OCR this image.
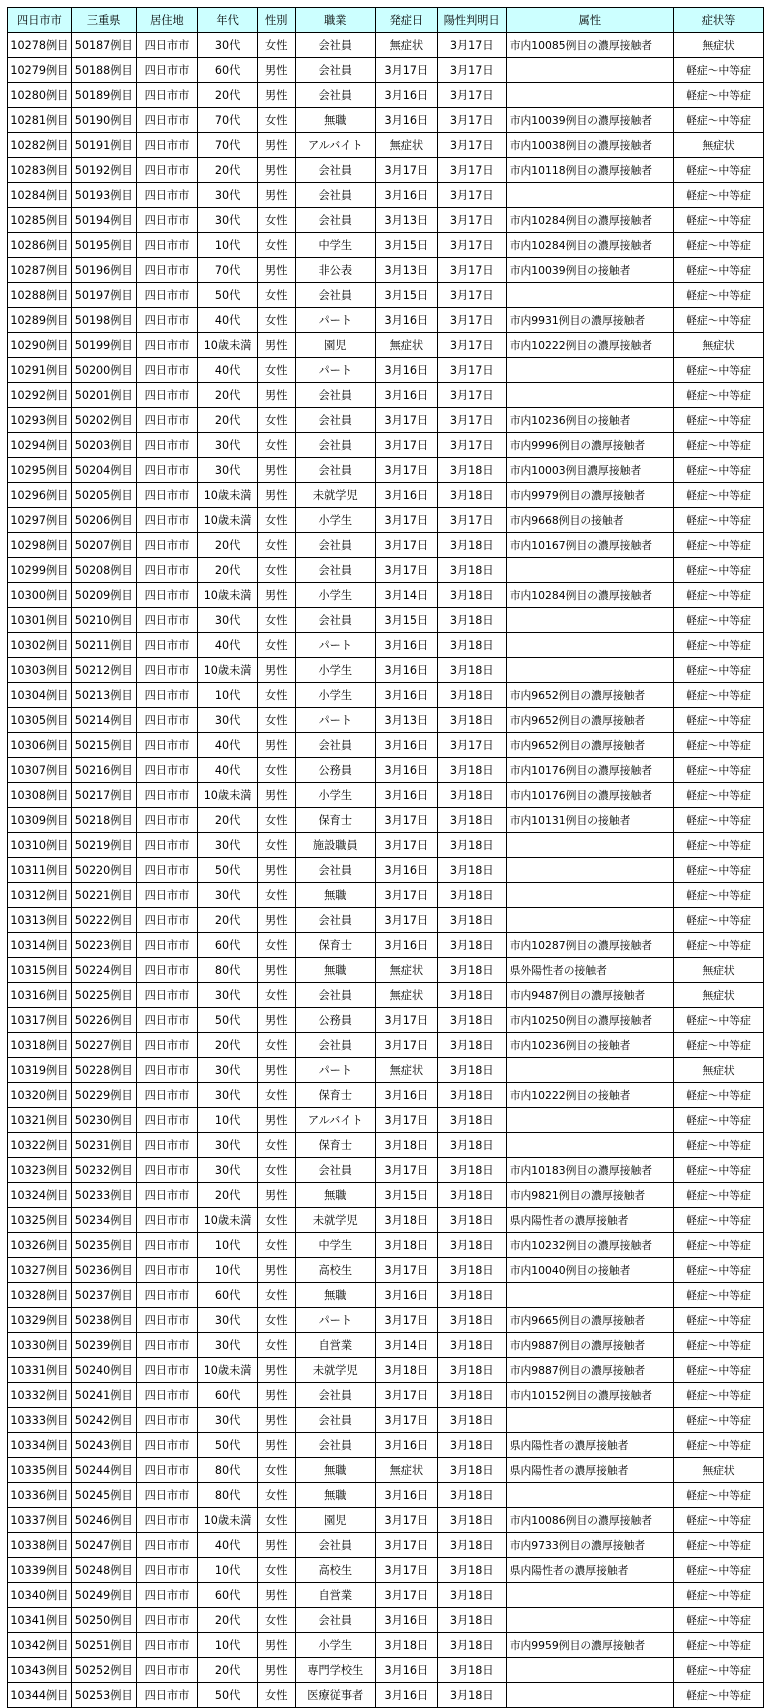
四日市市	三重県	居住地	年代	性別	職業	発症日	陽性判明日	属性	症状等
10278例目	50187例目	四日市市	30代	女性	会社員	無症状	3月17日	市内10085例目の濃厚接触者	無症状
10279例目	50188例目	四日市市	60代	男性	会社員	3月17日	3月17日		軽症～中等症
10280例目	50189例目	四日市市	20代	男性	会社員	3月16日	3月17日		軽症～中等症
10281例目	50190例目	四日市市	70代	女性	無職	3月16日	3月17日	市内10039例目の濃厚接触者	軽症～中等症
10282例目	50191例目	四日市市	70代	男性	アルバイト	無症状	3月17日	市内10038例目の濃厚接触者	無症状
10283例目	50192例目	四日市市	20代	男性	会社員	3月17日	3月17日	市内10118例目の濃厚接触者	軽症～中等症
10284例目	50193例目	四日市市	30代	男性	会社員	3月16日	3月17日		軽症～中等症
10285例目	50194例目	四日市市	30代	女性	会社員	3月13日	3月17日	市内10284例目の濃厚接触者	軽症～中等症
10286例目	50195例目	四日市市	10代	女性	中学生	3月15日	3月17日	市内10284例目の濃厚接触者	軽症～中等症
10287例目	50196例目	四日市市	70代	男性	非公表	3月13日	3月17日	市内10039例目の接触者	軽症～中等症
10288例目	50197例目	四日市市	50代	女性	会社員	3月15日	3月17日		軽症～中等症
10289例目	50198例目	四日市市	40代	女性	パート	3月16日	3月17日	市内9931例目の濃厚接触者	軽症～中等症
10290例目	50199例目	四日市市	10歳未満	男性	園児	無症状	3月17日	市内10222例目の濃厚接触者	無症状
10291例目	50200例目	四日市市	40代	女性	パート	3月16日	3月17日		軽症～中等症
10292例目	50201例目	四日市市	20代	男性	会社員	3月16日	3月17日		軽症～中等症
10293例目	50202例目	四日市市	20代	女性	会社員	3月17日	3月17日	市内10236例目の接触者	軽症～中等症
10294例目	50203例目	四日市市	30代	女性	会社員	3月17日	3月17日	市内9996例目の濃厚接触者	軽症～中等症
10295例目	50204例目	四日市市	30代	男性	会社員	3月17日	3月18日	市内10003例目濃厚接触者	軽症～中等症
10296例目	50205例目	四日市市	10歳未満	男性	未就学児	3月16日	3月18日	市内9979例目の濃厚接触者	軽症～中等症
10297例目	50206例目	四日市市	10歳未満	女性	小学生	3月17日	3月17日	市内9668例目の接触者	軽症～中等症
10298例目	50207例目	四日市市	20代	女性	会社員	3月17日	3月18日	市内10167例目の濃厚接触者	軽症～中等症
10299例目	50208例目	四日市市	20代	女性	会社員	3月17日	3月18日		軽症～中等症
10300例目	50209例目	四日市市	10歳未満	男性	小学生	3月14日	3月18日	市内10284例目の濃厚接触者	軽症～中等症
10301例目	50210例目	四日市市	30代	女性	会社員	3月15日	3月18日		軽症～中等症
10302例目	50211例目	四日市市	40代	女性	パート	3月16日	3月18日		軽症～中等症
10303例目	50212例目	四日市市	10歳未満	男性	小学生	3月16日	3月18日		軽症～中等症
10304例目	50213例目	四日市市	10代	女性	小学生	3月16日	3月18日	市内9652例目の濃厚接触者	軽症～中等症
10305例目	50214例目	四日市市	30代	女性	パート	3月13日	3月18日	市内9652例目の濃厚接触者	軽症～中等症
10306例目	50215例目	四日市市	40代	男性	会社員	3月16日	3月17日	市内9652例目の濃厚接触者	軽症～中等症
10307例目	50216例目	四日市市	40代	女性	公務員	3月16日	3月18日	市内10176例目の濃厚接触者	軽症～中等症
10308例目	50217例目	四日市市	10歳未満	男性	小学生	3月16日	3月18日	市内10176例目の濃厚接触者	軽症～中等症
10309例目	50218例目	四日市市	20代	女性	保育士	3月17日	3月18日	市内10131例目の接触者	軽症～中等症
10310例目	50219例目	四日市市	30代	女性	施設職員	3月17日	3月18日		軽症～中等症
10311例目	50220例目	四日市市	50代	男性	会社員	3月16日	3月18日		軽症～中等症
10312例目	50221例目	四日市市	30代	女性	無職	3月17日	3月18日		軽症～中等症
10313例目	50222例目	四日市市	20代	男性	会社員	3月17日	3月18日		軽症～中等症
10314例目	50223例目	四日市市	60代	女性	保育士	3月16日	3月18日	市内10287例目の濃厚接触者	軽症～中等症
10315例目	50224例目	四日市市	80代	男性	無職	無症状	3月18日	県外陽性者の接触者	無症状
10316例目	50225例目	四日市市	30代	女性	会社員	無症状	3月18日	市内9487例目の濃厚接触者	無症状
10317例目	50226例目	四日市市	50代	男性	公務員	3月17日	3月18日	市内10250例目の濃厚接触者	軽症～中等症
10318例目	50227例目	四日市市	20代	女性	会社員	3月17日	3月18日	市内10236例目の接触者	軽症～中等症
10319例目	50228例目	四日市市	30代	男性	パート	無症状	3月18日		無症状
10320例目	50229例目	四日市市	30代	女性	保育士	3月16日	3月18日	市内10222例目の接触者	軽症～中等症
10321例目	50230例目	四日市市	10代	男性	アルバイト	3月17日	3月18日		軽症～中等症
10322例目	50231例目	四日市市	30代	女性	保育士	3月18日	3月18日		軽症～中等症
10323例目	50232例目	四日市市	30代	女性	会社員	3月17日	3月18日	市内10183例目の濃厚接触者	軽症～中等症
10324例目	50233例目	四日市市	20代	男性	無職	3月15日	3月18日	市内9821例目の濃厚接触者	軽症～中等症
10325例目	50234例目	四日市市	10歳未満	女性	未就学児	3月18日	3月18日	県内陽性者の濃厚接触者	軽症～中等症
10326例目	50235例目	四日市市	10代	女性	中学生	3月18日	3月18日	市内10232例目の濃厚接触者	軽症～中等症
10327例目	50236例目	四日市市	10代	男性	高校生	3月17日	3月18日	市内10040例目の接触者	軽症～中等症
10328例目	50237例目	四日市市	60代	女性	無職	3月16日	3月18日		軽症～中等症
10329例目	50238例目	四日市市	30代	女性	パート	3月17日	3月18日	市内9665例目の濃厚接触者	軽症～中等症
10330例目	50239例目	四日市市	30代	女性	自営業	3月14日	3月18日	市内9887例目の濃厚接触者	軽症～中等症
10331例目	50240例目	四日市市	10歳未満	男性	未就学児	3月18日	3月18日	市内9887例目の濃厚接触者	軽症～中等症
10332例目	50241例目	四日市市	60代	男性	会社員	3月17日	3月18日	市内10152例目の濃厚接触者	軽症～中等症
10333例目	50242例目	四日市市	30代	男性	会社員	3月17日	3月18日		軽症～中等症
10334例目	50243例目	四日市市	50代	男性	会社員	3月16日	3月18日	県内陽性者の濃厚接触者	軽症～中等症
10335例目	50244例目	四日市市	80代	女性	無職	無症状	3月18日	県内陽性者の濃厚接触者	無症状
10336例目	50245例目	四日市市	80代	女性	無職	3月16日	3月18日		軽症～中等症
10337例目	50246例目	四日市市	10歳未満	女性	園児	3月17日	3月18日	市内10086例目の濃厚接触者	軽症～中等症
10338例目	50247例目	四日市市	40代	男性	会社員	3月17日	3月18日	市内9733例目の濃厚接触者	軽症～中等症
10339例目	50248例目	四日市市	10代	女性	高校生	3月17日	3月18日	県内陽性者の濃厚接触者	軽症～中等症
10340例目	50249例目	四日市市	60代	男性	自営業	3月17日	3月18日		軽症～中等症
10341例目	50250例目	四日市市	20代	女性	会社員	3月16日	3月18日		軽症～中等症
10342例目	50251例目	四日市市	10代	男性	小学生	3月18日	3月18日	市内9959例目の濃厚接触者	軽症～中等症
10343例目	50252例目	四日市市	20代	男性	専門学校生	3月16日	3月18日		軽症～中等症
10344例目	50253例目	四日市市	50代	女性	医療従事者	3月16日	3月18日		軽症～中等症
